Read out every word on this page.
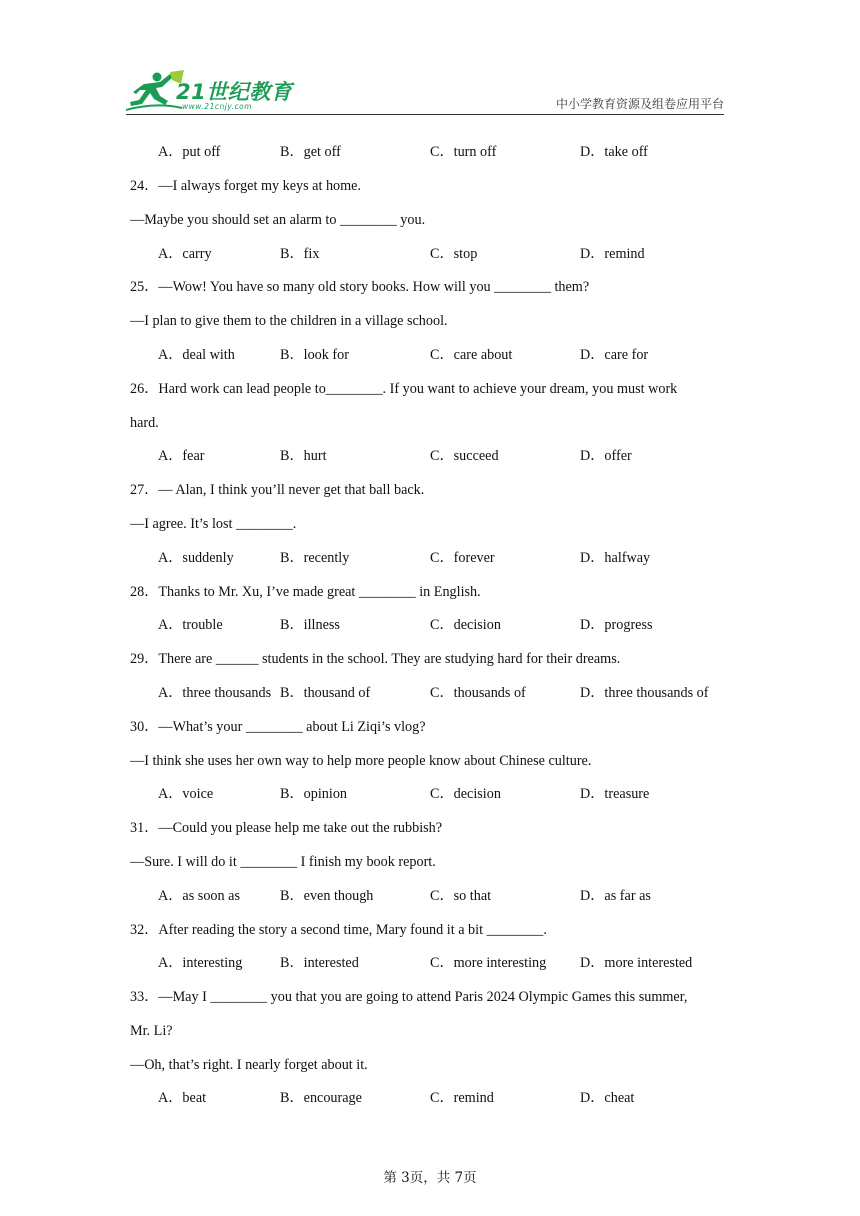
21世纪教育
www.21cnjy.com	中小学教育资源及组卷应用平台
A．put off	B．get off	C．turn off	D．take off
24．—I always forget my keys at home.
—Maybe you should set an alarm to ________ you.
A．carry	B．fix	C．stop	D．remind
25．—Wow! You have so many old story books. How will you ________ them?
—I plan to give them to the children in a village school.
A．deal with	B．look for	C．care about	D．care for
26．Hard work can lead people to________. If you want to achieve your dream, you must work
hard.
A．fear	B．hurt	C．succeed	D．offer
27．— Alan, I think you’ll never get that ball back.
—I agree. It’s lost ________.
A．suddenly	B．recently	C．forever	D．halfway
28．Thanks to Mr. Xu, I’ve made great ________ in English.
A．trouble	B．illness	C．decision	D．progress
29．There are ______ students in the school. They are studying hard for their dreams.
A．three thousands B．thousand of	C．thousands of	D．three thousands of
30．—What’s your ________ about Li Ziqi’s vlog?
—I think she uses her own way to help more people know about Chinese culture.
A．voice	B．opinion	C．decision	D．treasure
31．—Could you please help me take out the rubbish?
—Sure. I will do it ________ I finish my book report.
A．as soon as	B．even though	C．so that	D．as far as
32．After reading the story a second time, Mary found it a bit ________.
A．interesting	B．interested	C．more interesting D．more interested
33．—May I ________ you that you are going to attend Paris 2024 Olympic Games this summer,
Mr. Li?
—Oh, that’s right. I nearly forget about it.
A．beat	B．encourage	C．remind	D．cheat
第 3页，共 7页
